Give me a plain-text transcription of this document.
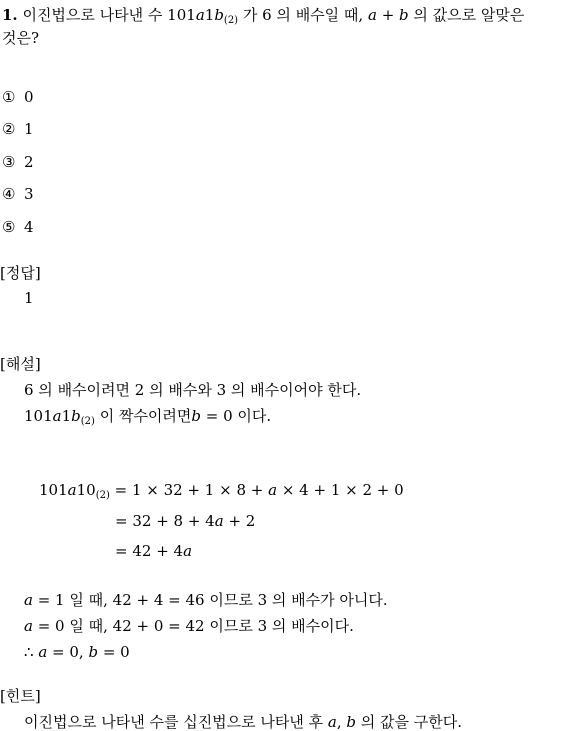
1. 이진법으로 나타낸 수 $101a1b_{(2)}$ 가 6 의 배수일 때, a + b 의 값으로 알맞은
것은?
① 0
② 1
③ 2
④ 3
⑤ 4
[정답]
1
[해설]
6 의 배수이려면 2 의 배수와 3 의 배수이어야 한다.
$101a1b_{(2)}$ 이 짝수이려면b = 0 이다.
$101a10_{(2)} = 1 \times 32 + 1 \times 8 + a \times 4 + 1 \times 2 + 0$
= 32 + 8 + 4a + 2
= 42 + 4a
a = 1 일 때, 42 + 4 = 46 이므로 3 의 배수가 아니다.
a = 0 일 때, 42 + 0 = 42 이므로 3 의 배수이다.
∴ a = 0, b = 0
[힌트]
이진법으로 나타낸 수를 십진법으로 나타낸 후 a, b 의 값을 구한다.
